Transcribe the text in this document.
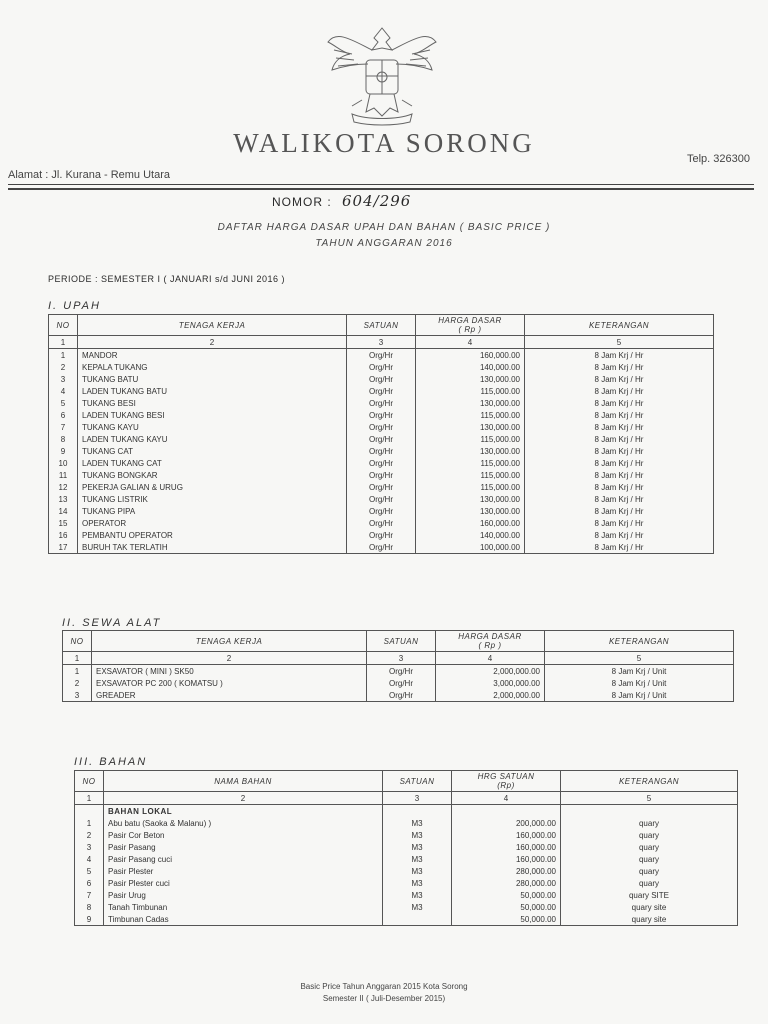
WALIKOTA SORONG
Alamat : Jl. Kurana - Remu Utara
Telp. 326300
NOMOR : 604/296
DAFTAR HARGA DASAR UPAH DAN BAHAN ( BASIC PRICE )
TAHUN ANGGARAN 2016
PERIODE : SEMESTER I ( JANUARI s/d JUNI 2016 )
I. UPAH
NO	TENAGA KERJA	SATUAN	HARGA DASAR
( Rp )	KETERANGAN
1	2	3	4	5
1	MANDOR	Org/Hr	160,000.00	8 Jam Krj / Hr
2	KEPALA TUKANG	Org/Hr	140,000.00	8 Jam Krj / Hr
3	TUKANG BATU	Org/Hr	130,000.00	8 Jam Krj / Hr
4	LADEN TUKANG BATU	Org/Hr	115,000.00	8 Jam Krj / Hr
5	TUKANG BESI	Org/Hr	130,000.00	8 Jam Krj / Hr
6	LADEN TUKANG BESI	Org/Hr	115,000.00	8 Jam Krj / Hr
7	TUKANG KAYU	Org/Hr	130,000.00	8 Jam Krj / Hr
8	LADEN TUKANG KAYU	Org/Hr	115,000.00	8 Jam Krj / Hr
9	TUKANG CAT	Org/Hr	130,000.00	8 Jam Krj / Hr
10	LADEN TUKANG CAT	Org/Hr	115,000.00	8 Jam Krj / Hr
11	TUKANG BONGKAR	Org/Hr	115,000.00	8 Jam Krj / Hr
12	PEKERJA GALIAN & URUG	Org/Hr	115,000.00	8 Jam Krj / Hr
13	TUKANG LISTRIK	Org/Hr	130,000.00	8 Jam Krj / Hr
14	TUKANG PIPA	Org/Hr	130,000.00	8 Jam Krj / Hr
15	OPERATOR	Org/Hr	160,000.00	8 Jam Krj / Hr
16	PEMBANTU OPERATOR	Org/Hr	140,000.00	8 Jam Krj / Hr
17	BURUH TAK TERLATIH	Org/Hr	100,000.00	8 Jam Krj / Hr
II. SEWA ALAT
NO	TENAGA KERJA	SATUAN	HARGA DASAR
( Rp )	KETERANGAN
1	2	3	4	5
1	EXSAVATOR ( MINI ) SK50	Org/Hr	2,000,000.00	8 Jam Krj / Unit
2	EXSAVATOR PC 200 ( KOMATSU )	Org/Hr	3,000,000.00	8 Jam Krj / Unit
3	GREADER	Org/Hr	2,000,000.00	8 Jam Krj / Unit
III. BAHAN
NO	NAMA BAHAN	SATUAN	HRG SATUAN
(Rp)	KETERANGAN
1	2	3	4	5
	BAHAN LOKAL			
1	Abu batu (Saoka & Malanu) )	M3	200,000.00	quary
2	Pasir Cor Beton	M3	160,000.00	quary
3	Pasir Pasang	M3	160,000.00	quary
4	Pasir Pasang cuci	M3	160,000.00	quary
5	Pasir Plester	M3	280,000.00	quary
6	Pasir Plester cuci	M3	280,000.00	quary
7	Pasir Urug	M3	50,000.00	quary SITE
8	Tanah Timbunan	M3	50,000.00	quary site
9	Timbunan Cadas		50,000.00	quary site
Basic Price Tahun Anggaran 2015 Kota Sorong
Semester II ( Juli-Desember 2015)
